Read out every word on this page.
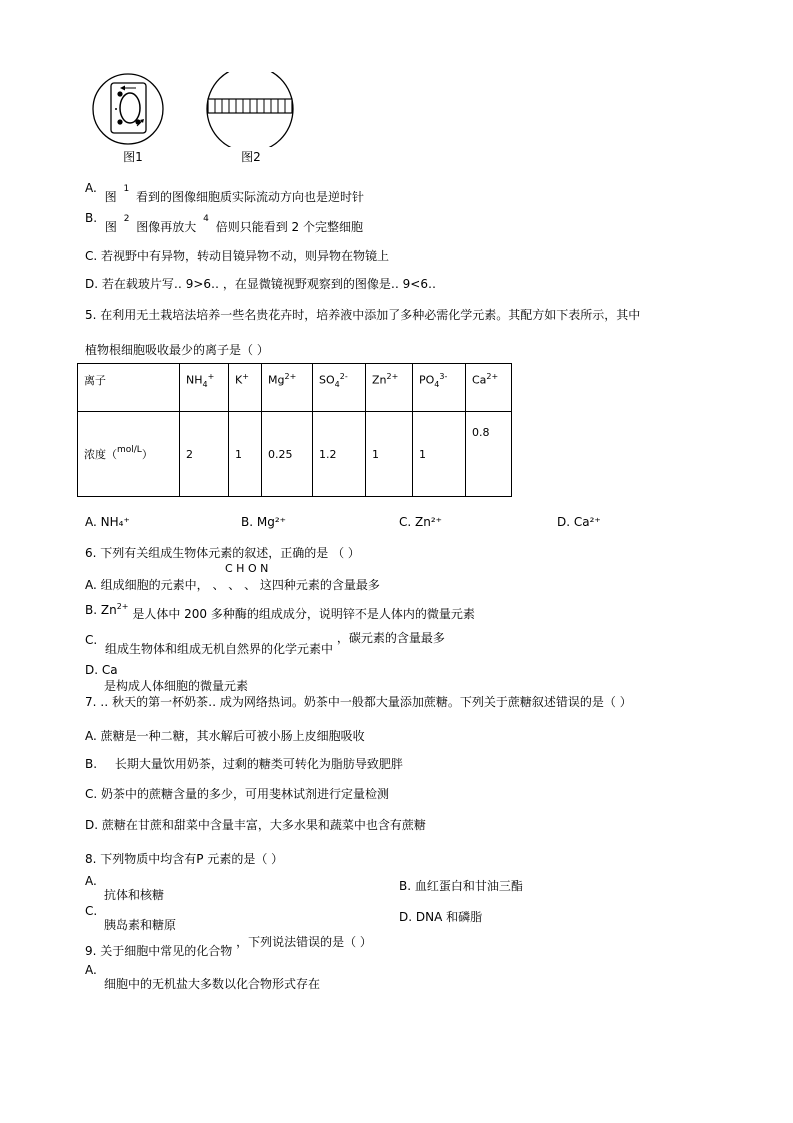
图1	图2
A. 图 1 看到的图像细胞质实际流动方向也是逆时针
B. 图 2 图像再放大 4 倍则只能看到 2 个完整细胞
C. 若视野中有异物，转动目镜异物不动，则异物在物镜上
D. 若在载玻片写‥ 9>6‥ ，在显微镜视野观察到的图像是‥ 9<6‥
5. 在利用无土栽培法培养一些名贵花卉时，培养液中添加了多种必需化学元素。其配方如下表所示，其中
植物根细胞吸收最少的离子是（ ）
离子	$NH_4^+$	K+	$Mg^{2+}$	$SO_4^{2-}$	$Zn^{2+}$	$PO_4^{3-}$	$Ca^{2+}$
浓度（$^{mol/L}$）	2	1	0.25	1.2	1	1	0.8
A. NH₄⁺	B. Mg²⁺	C. Zn²⁺	D. Ca²⁺
6. 下列有关组成生物体元素的叙述，正确的是 （ ）
C H O N
A. 组成细胞的元素中， 、 、 、 这四种元素的含量最多
B. $Zn^{2+}$ 是人体中 200 多种酶的组成成分，说明锌不是人体内的微量元素
C. 组成生物体和组成无机自然界的化学元素中 ，碳元素的含量最多
D. Ca
是构成人体细胞的微量元素
7. ‥ 秋天的第一杯奶茶‥ 成为网络热词。奶茶中一般都大量添加蔗糖。下列关于蔗糖叙述错误的是（ ）
A. 蔗糖是一种二糖，其水解后可被小肠上皮细胞吸收
B. 长期大量饮用奶茶，过剩的糖类可转化为脂肪导致肥胖
C. 奶茶中的蔗糖含量的多少，可用斐林试剂进行定量检测
D. 蔗糖在甘蔗和甜菜中含量丰富，大多水果和蔬菜中也含有蔗糖
8. 下列物质中均含有P 元素的是（ ）
A.
抗体和核糖
B. 血红蛋白和甘油三酯
C.
胰岛素和糖原
D. DNA 和磷脂
9. 关于细胞中常见的化合物 ，下列说法错误的是（ ）
A.
细胞中的无机盐大多数以化合物形式存在
